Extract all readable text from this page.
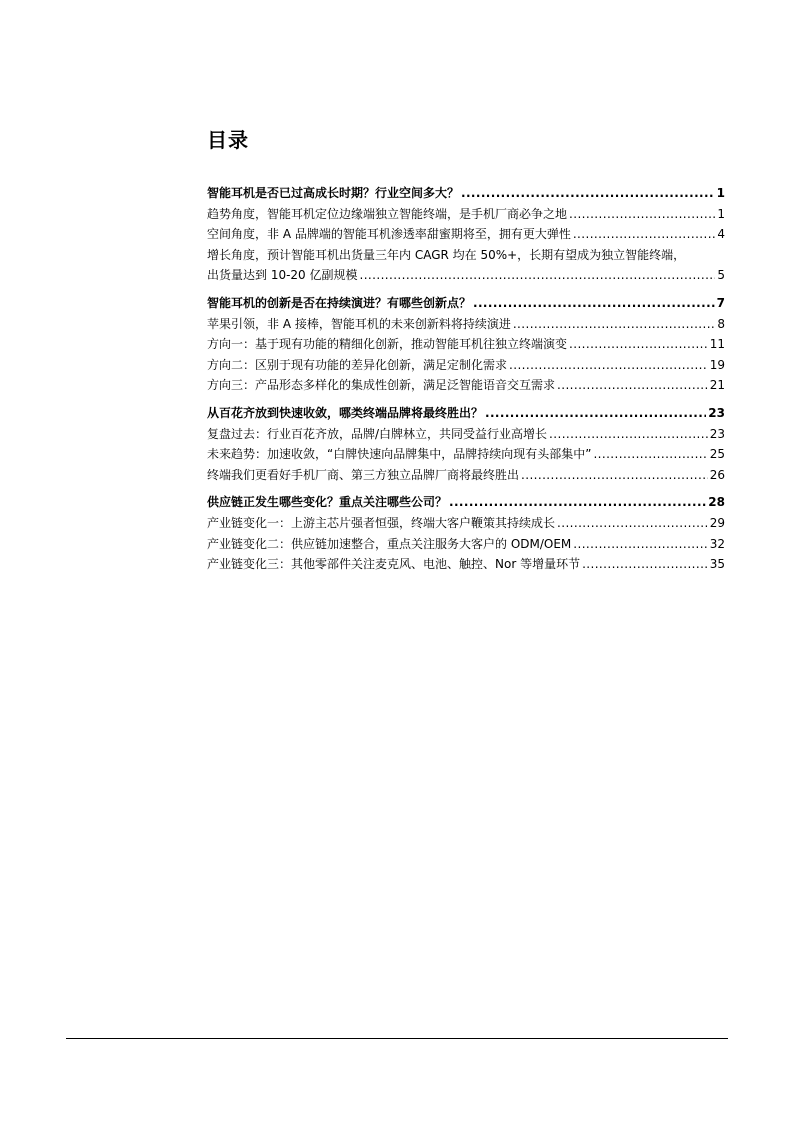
目录
智能耳机是否已过高成长时期？行业空间多大？ .....	1
趋势角度，智能耳机定位边缘端独立智能终端，是手机厂商必争之地 .....	1
空间角度，非 A 品牌端的智能耳机渗透率甜蜜期将至，拥有更大弹性 .....	4
增长角度，预计智能耳机出货量三年内 CAGR 均在 50%+，长期有望成为独立智能终端，
出货量达到 10-20 亿副规模 .....	5
智能耳机的创新是否在持续演进？有哪些创新点？ .....	7
苹果引领，非 A 接棒，智能耳机的未来创新料将持续演进 .....	8
方向一：基于现有功能的精细化创新，推动智能耳机往独立终端演变 .....	11
方向二：区别于现有功能的差异化创新，满足定制化需求 .....	19
方向三：产品形态多样化的集成性创新，满足泛智能语音交互需求 .....	21
从百花齐放到快速收敛，哪类终端品牌将最终胜出？ .....	23
复盘过去：行业百花齐放，品牌/白牌林立，共同受益行业高增长 .....	23
未来趋势：加速收敛，“白牌快速向品牌集中，品牌持续向现有头部集中” .....	25
终端我们更看好手机厂商、第三方独立品牌厂商将最终胜出 .....	26
供应链正发生哪些变化？重点关注哪些公司？ .....	28
产业链变化一：上游主芯片强者恒强，终端大客户鞭策其持续成长 .....	29
产业链变化二：供应链加速整合，重点关注服务大客户的 ODM/OEM .....	32
产业链变化三：其他零部件关注麦克风、电池、触控、Nor 等增量环节 .....	35
